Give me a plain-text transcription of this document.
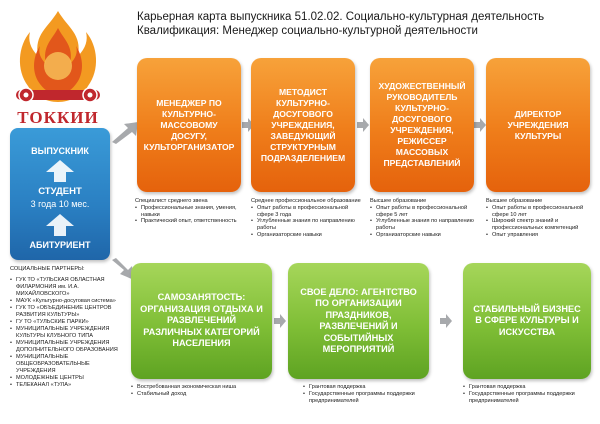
ТОККИИ
Карьерная карта выпускника 51.02.02. Социально-культурная деятельность
Квалификация: Менеджер социально-культурной деятельности
ВЫПУСКНИК
СТУДЕНТ
3 года 10 мес.
АБИТУРИЕНТ
МЕНЕДЖЕР ПО КУЛЬТУРНО-МАССОВОМУ ДОСУГУ, КУЛЬТОРГАНИЗАТОР
МЕТОДИСТ КУЛЬТУРНО-ДОСУГОВОГО УЧРЕЖДЕНИЯ, ЗАВЕДУЮЩИЙ СТРУКТУРНЫМ ПОДРАЗДЕЛЕНИЕМ
ХУДОЖЕСТВЕННЫЙ РУКОВОДИТЕЛЬ КУЛЬТУРНО-ДОСУГОВОГО УЧРЕЖДЕНИЯ, РЕЖИССЕР МАССОВЫХ ПРЕДСТАВЛЕНИЙ
ДИРЕКТОР УЧРЕЖДЕНИЯ КУЛЬТУРЫ
Специалист среднего звена
• Профессиональные знания, умения, навыки
• Практический опыт, ответственность
Среднее профессиональное образование
• Опыт работы в профессиональной сфере 3 года
• Углубленные знания по направлению работы
• Организаторские навыки
Высшее образование
• Опыт работы в профессиональной сфере 5 лет
• Углубленные знания по направлению работы
• Организаторские навыки
Высшее образование
• Опыт работы в профессиональной сфере 10 лет
• Широкий спектр знаний и профессиональных компетенций
• Опыт управления
САМОЗАНЯТОСТЬ: ОРГАНИЗАЦИЯ ОТДЫХА И РАЗВЛЕЧЕНИЙ РАЗЛИЧНЫХ КАТЕГОРИЙ НАСЕЛЕНИЯ
СВОЕ ДЕЛО: АГЕНТСТВО ПО ОРГАНИЗАЦИИ ПРАЗДНИКОВ, РАЗВЛЕЧЕНИЙ И СОБЫТИЙНЫХ МЕРОПРИЯТИЙ
СТАБИЛЬНЫЙ БИЗНЕС В СФЕРЕ КУЛЬТУРЫ И ИСКУССТВА
• Востребованная экономическая ниша
• Стабильный доход
• Грантовая поддержка
• Государственные программы поддержки предпринимателей
• Грантовая поддержка
• Государственные программы поддержки предпринимателей
СОЦИАЛЬНЫЕ ПАРТНЕРЫ:
• ГУК ТО «ТУЛЬСКАЯ ОБЛАСТНАЯ ФИЛАРМОНИЯ им. И.А. МИХАЙЛОВСКОГО»
• МАУК «Культурно-досуговая система»
• ГУК ТО «ОБЪЕДИНЕНИЕ ЦЕНТРОВ РАЗВИТИЯ КУЛЬТУРЫ»
• ГУ ТО «ТУЛЬСКИЕ ПАРКИ»
• МУНИЦИПАЛЬНЫЕ УЧРЕЖДЕНИЯ КУЛЬТУРЫ КЛУБНОГО ТИПА
• МУНИЦИПАЛЬНЫЕ УЧРЕЖДЕНИЯ ДОПОЛНИТЕЛЬНОГО ОБРАЗОВАНИЯ
• МУНИЦИПАЛЬНЫЕ ОБЩЕОБРАЗОВАТЕЛЬНЫЕ УЧРЕЖДЕНИЯ
• МОЛОДЕЖНЫЕ ЦЕНТРЫ
• ТЕЛЕКАНАЛ «ТУЛА»
